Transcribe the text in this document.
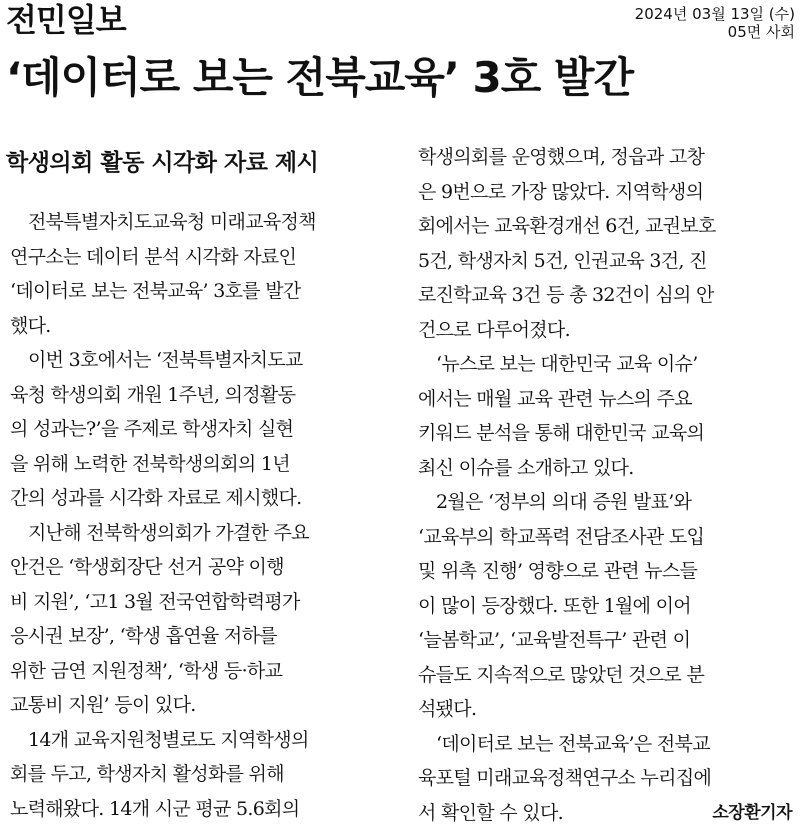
전민일보	2024년 03월 13일 (수)
05면 사회
‘데이터로 보는 전북교육’ 3호 발간
학생의회 활동 시각화 자료 제시
전북특별자치도교육청 미래교육정책
연구소는 데이터 분석 시각화 자료인
‘데이터로 보는 전북교육’ 3호를 발간
했다.
이번 3호에서는 ‘전북특별자치도교
육청 학생의회 개원 1주년, 의정활동
의 성과는?’을 주제로 학생자치 실현
을 위해 노력한 전북학생의회의 1년
간의 성과를 시각화 자료로 제시했다.
지난해 전북학생의회가 가결한 주요
안건은 ‘학생회장단 선거 공약 이행
비 지원’, ‘고1 3월 전국연합학력평가
응시권 보장’, ‘학생 흡연율 저하를
위한 금연 지원정책’, ‘학생 등·하교
교통비 지원’ 등이 있다.
14개 교육지원청별로도 지역학생의
회를 두고, 학생자치 활성화를 위해
노력해왔다. 14개 시군 평균 5.6회의
학생의회를 운영했으며, 정읍과 고창
은 9번으로 가장 많았다. 지역학생의
회에서는 교육환경개선 6건, 교권보호
5건, 학생자치 5건, 인권교육 3건, 진
로진학교육 3건 등 총 32건이 심의 안
건으로 다루어졌다.
‘뉴스로 보는 대한민국 교육 이슈’
에서는 매월 교육 관련 뉴스의 주요
키워드 분석을 통해 대한민국 교육의
최신 이슈를 소개하고 있다.
2월은 ‘정부의 의대 증원 발표’와
‘교육부의 학교폭력 전담조사관 도입
및 위촉 진행’ 영향으로 관련 뉴스들
이 많이 등장했다. 또한 1월에 이어
‘늘봄학교’, ‘교육발전특구’ 관련 이
슈들도 지속적으로 많았던 것으로 분
석됐다.
‘데이터로 보는 전북교육’은 전북교
육포털 미래교육정책연구소 누리집에
서 확인할 수 있다.	소장환기자
